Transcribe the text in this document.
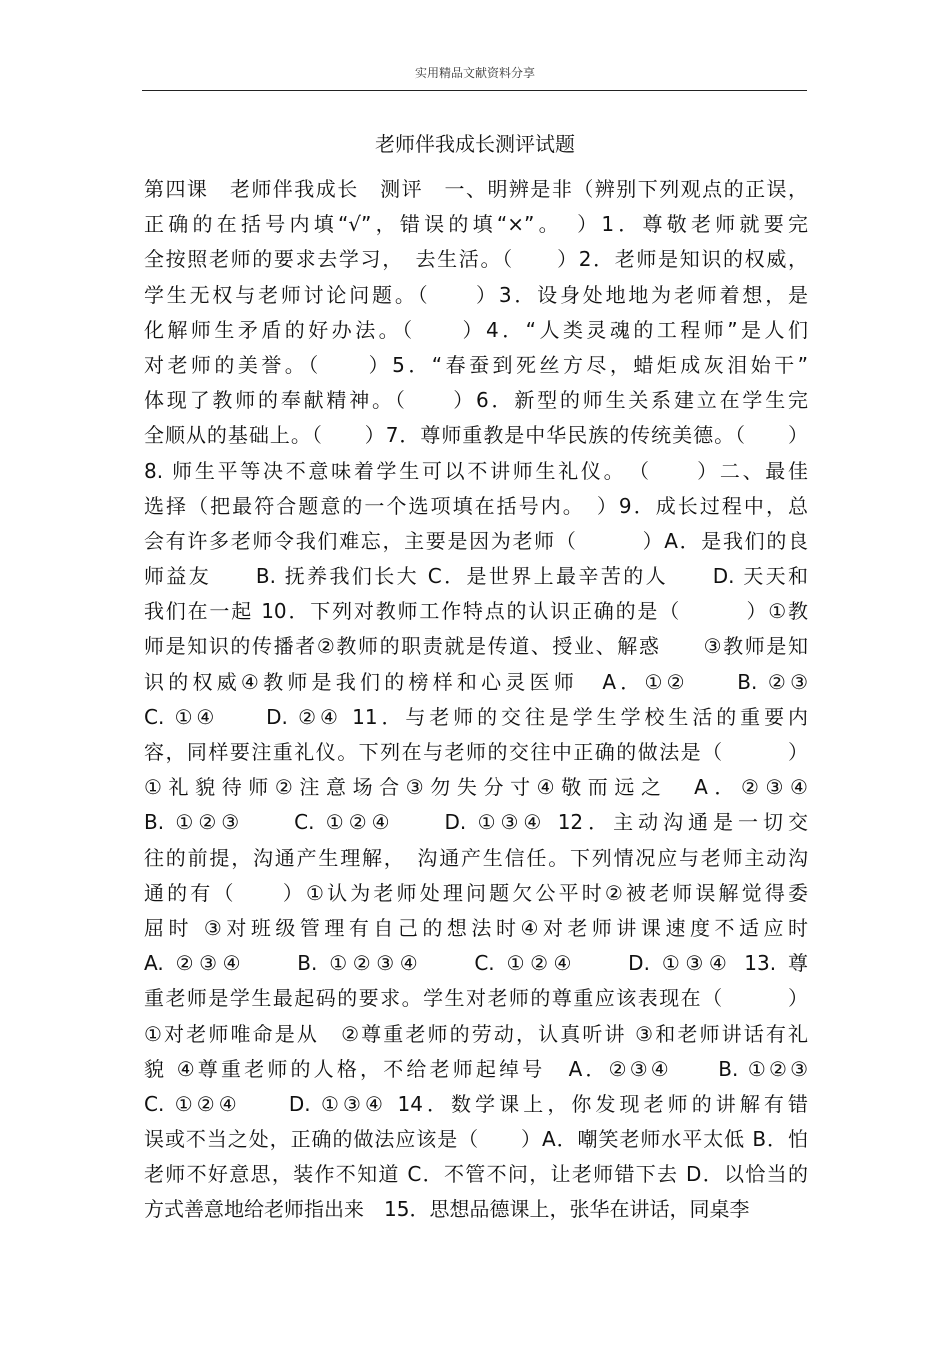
实用精品文献资料分享
老师伴我成长测评试题
第四课　老师伴我成长　测评　一、明辨是非（辨别下列观点的正误，
正确的在括号内填“√”，错误的填“×”。　）1．尊敬老师就要完
全按照老师的要求去学习，　去生活。（　　）2．老师是知识的权威，
学生无权与老师讨论问题。（　　）3．设身处地地为老师着想，是
化解师生矛盾的好办法。（　　）4．“人类灵魂的工程师”是人们
对老师的美誉。（　　）5．“春蚕到死丝方尽，蜡炬成灰泪始干”
体现了教师的奉献精神。（　　）6．新型的师生关系建立在学生完
全顺从的基础上。（　　）7．尊师重教是中华民族的传统美德。（　　）
8. 师生平等决不意味着学生可以不讲师生礼仪。　（　　）二、最佳
选择（把最符合题意的一个选项填在括号内。　）9．成长过程中，总
会有许多老师令我们难忘，主要是因为老师（　　　）A．是我们的良
师益友　　B. 抚养我们长大 C．是世界上最辛苦的人　　D. 天天和
我们在一起 10．下列对教师工作特点的认识正确的是（　　　）①教
师是知识的传播者②教师的职责就是传道、授业、解惑　　③教师是知
识的权威④教师是我们的榜样和心灵医师　A．①②　　B. ②③
C. ①④　　D. ②④ 11．与老师的交往是学生学校生活的重要内
容，同样要注重礼仪。下列在与老师的交往中正确的做法是（　　　）
①礼貌待师②注意场合③勿失分寸④敬而远之　A．②③④
B. ①②③　　C. ①②④　　D. ①③④ 12．主动沟通是一切交
往的前提，沟通产生理解，　沟通产生信任。下列情况应与老师主动沟
通的有（　　）①认为老师处理问题欠公平时②被老师误解觉得委
屈时 ③对班级管理有自己的想法时④对老师讲课速度不适应时
A. ②③④　　B. ①②③④　　C. ①②④　　D. ①③④ 13. 尊
重老师是学生最起码的要求。学生对老师的尊重应该表现在（　　　）
①对老师唯命是从　②尊重老师的劳动，认真听讲 ③和老师讲话有礼
貌 ④尊重老师的人格，不给老师起绰号　A．②③④　　B. ①②③
C. ①②④　　D. ①③④ 14．数学课上，你发现老师的讲解有错
误或不当之处，正确的做法应该是（　　）A．嘲笑老师水平太低 B．怕
老师不好意思，装作不知道 C．不管不问，让老师错下去 D．以恰当的
方式善意地给老师指出来　15．思想品德课上，张华在讲话，同桌李
